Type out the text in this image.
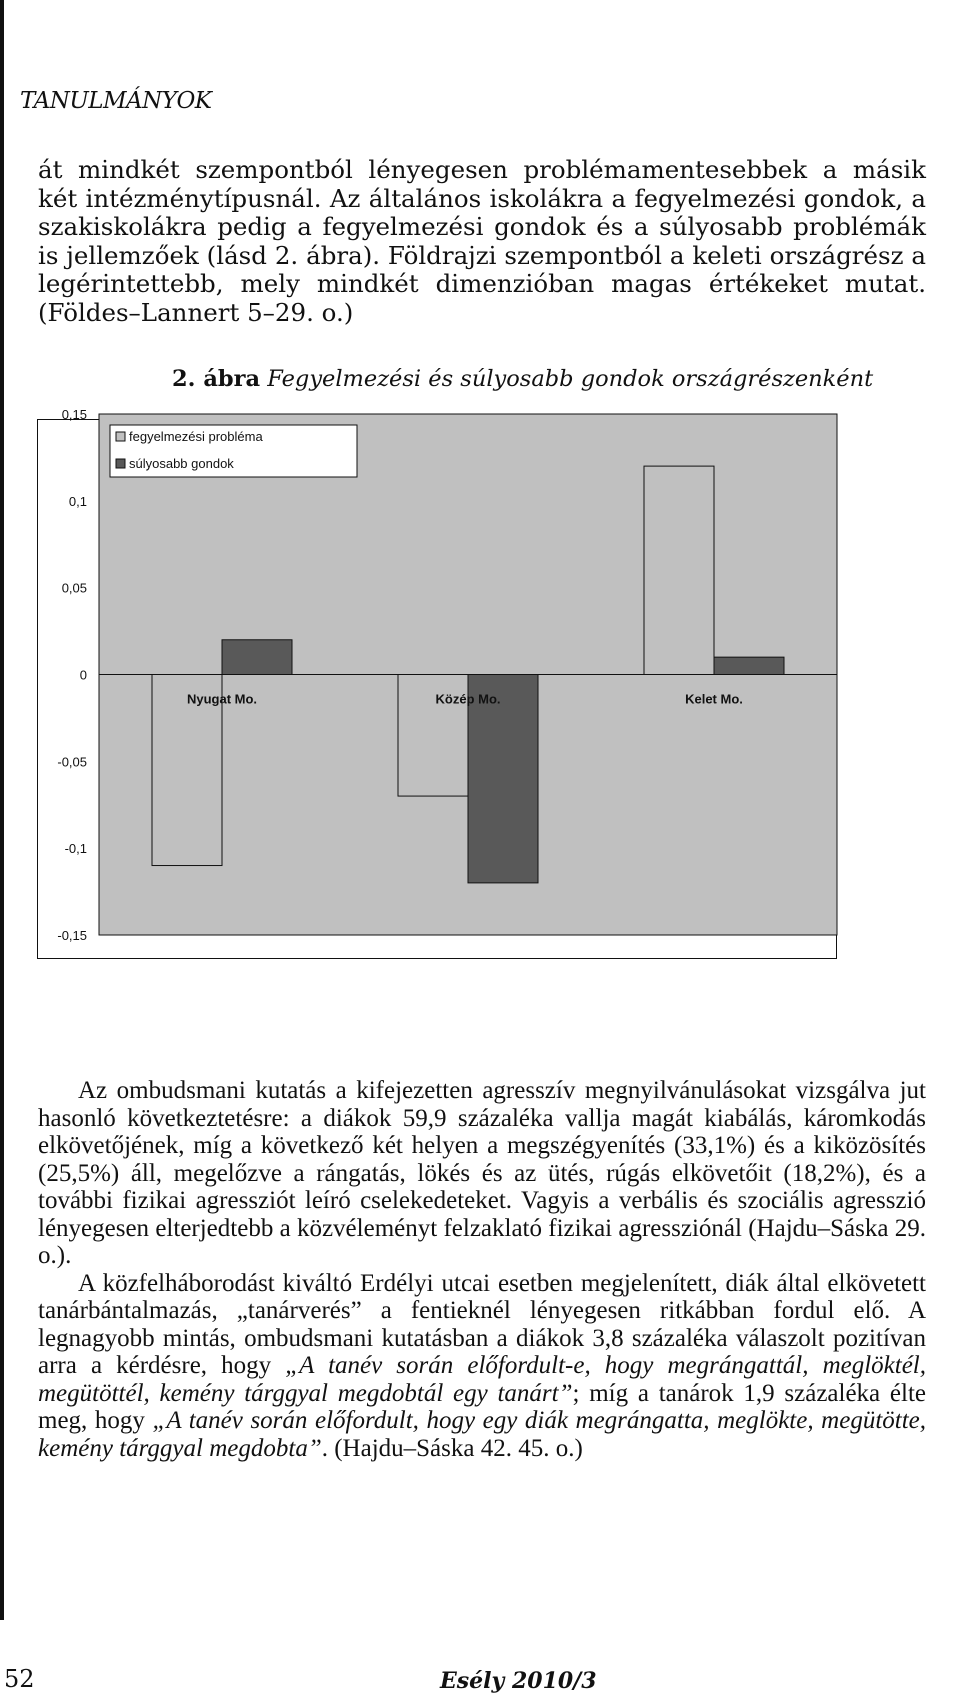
TANULMÁNYOK

át mindkét szempontból lényegesen problémamentesebbek a másik két intézménytípusnál. Az általános iskolákra a fegyelmezési gondok, a szakiskolákra pedig a fegyelmezési gondok és a súlyosabb problémák is jellemzőek (lásd 2. ábra). Földrajzi szempontból a keleti országrész a legérintettebb, mely mindkét dimenzióban magas értékeket mutat. (Földes–Lannert 5–29. o.)

2. ábra Fegyelmezési és súlyosabb gondok országrészenként
0,15
0,1
0,05
0
-0,05
-0,1
-0,15
Nyugat Mo.	Közép Mo.	Kelet Mo.
fegyelmezési probléma
súlyosabb gondok

Az ombudsmani kutatás a kifejezetten agresszív megnyilvánulásokat vizsgálva jut hasonló következtetésre: a diákok 59,9 százaléka vallja magát kiabálás, káromkodás elkövetőjének, míg a következő két helyen a megszégyenítés (33,1%) és a kiközösítés (25,5%) áll, megelőzve a rángatás, lökés és az ütés, rúgás elkövetőit (18,2%), és a további fizikai agressziót leíró cselekedeteket. Vagyis a verbális és szociális agresszió lényegesen elterjedtebb a közvéleményt felzaklató fizikai agressziónál (Hajdu–Sáska 29. o.).

A közfelháborodást kiváltó Erdélyi utcai esetben megjelenített, diák által elkövetett tanárbántalmazás, „tanárverés” a fentieknél lényegesen ritkábban fordul elő. A legnagyobb mintás, ombudsmani kutatásban a diákok 3,8 százaléka válaszolt pozitívan arra a kérdésre, hogy „A tanév során előfordult-e, hogy megrángattál, meglöktél, megütöttél, kemény tárggyal megdobtál egy tanárt”; míg a tanárok 1,9 százaléka élte meg, hogy „A tanév során előfordult, hogy egy diák megrángatta, meglökte, megütötte, kemény tárggyal megdobta”. (Hajdu–Sáska 42. 45. o.)

52	Esély 2010/3
